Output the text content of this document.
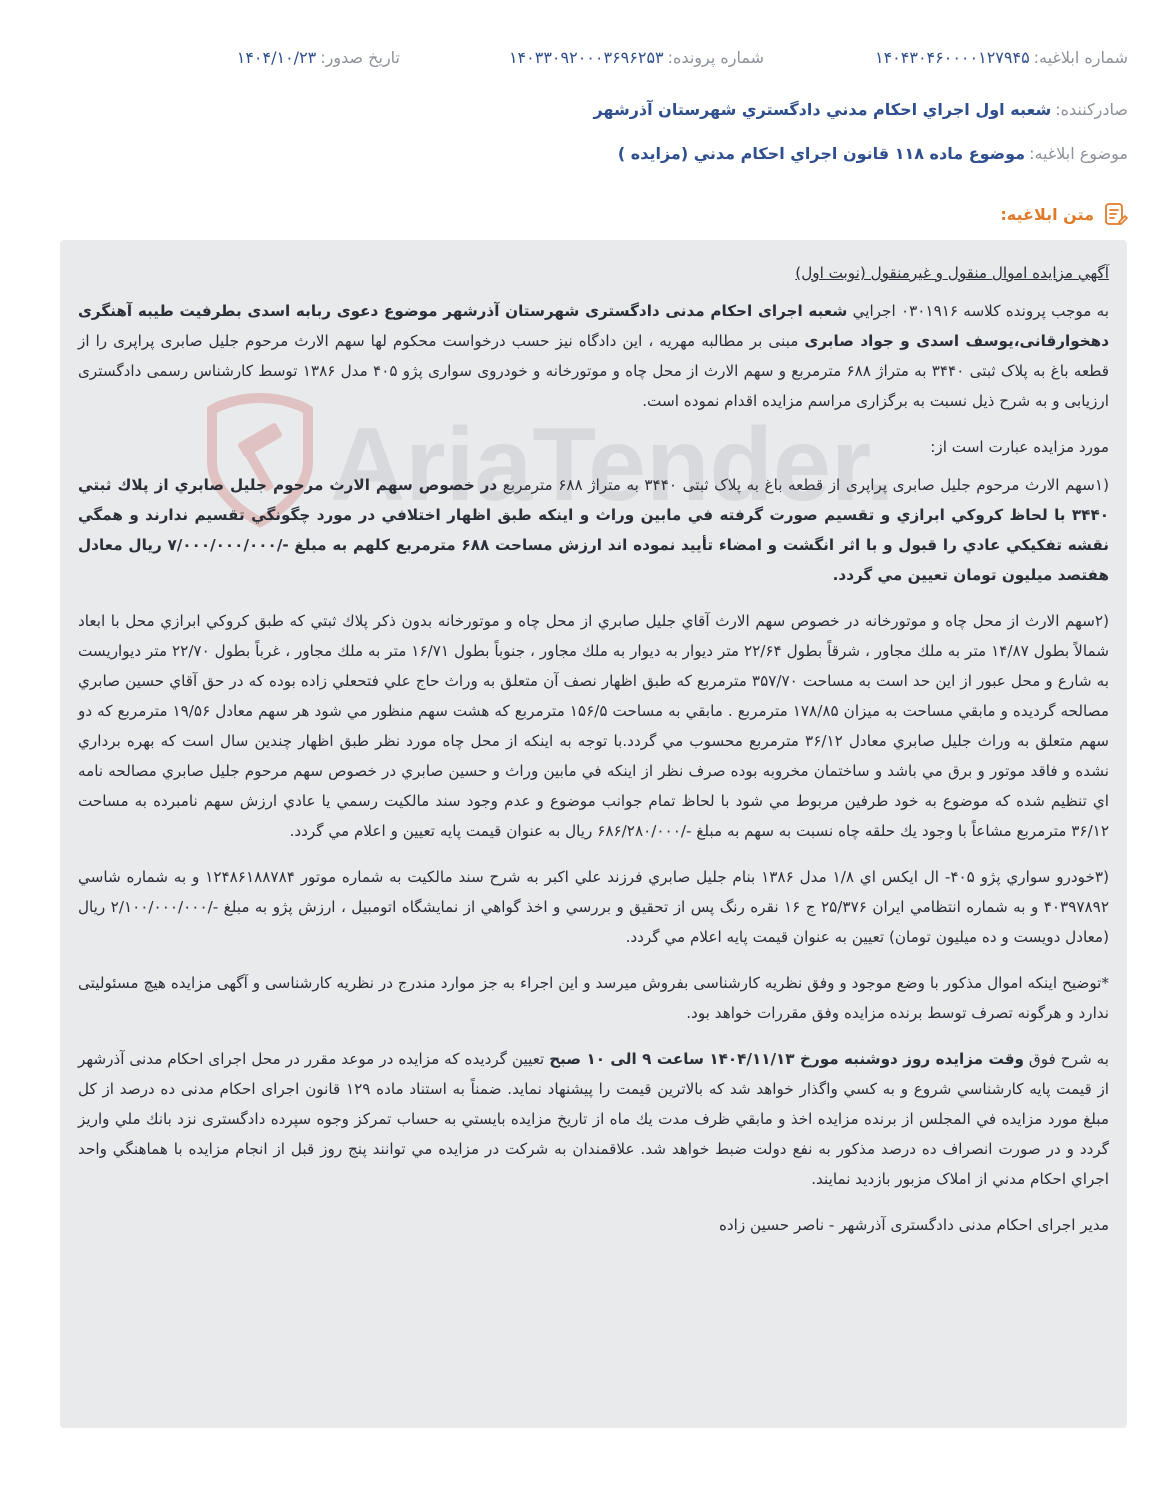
شماره ابلاغيه:
۱۴۰۴۳۰۴۶۰۰۰۰۱۲۷۹۴۵
شماره پرونده:
۱۴۰۳۳۰۹۲۰۰۰۳۶۹۶۲۵۳
تاريخ صدور:
۱۴۰۴/۱۰/۲۳
صادرکننده:
شعبه اول اجراي احکام مدني دادگستري شهرستان آذرشهر
موضوع ابلاغيه:
موضوع ماده ۱۱۸ قانون اجراي احکام مدني (مزايده )
متن ابلاغيه:
AriaTender

آگهي مزايده اموال منقول و غيرمنقول (نوبت اول)

به موجب پرونده کلاسه ۰۳۰۱۹۱۶ اجرايي شعبه اجرای احکام مدنی دادگستری شهرستان آذرشهر موضوع دعوی ربابه اسدی بطرفيت طيبه آهنگری دهخوارقانی،يوسف اسدی و جواد صابری مبنی بر مطالبه مهريه ، اين دادگاه نيز حسب درخواست محکوم لها سهم الارث مرحوم جليل صابری پراپری را از قطعه باغ به پلاک ثبتی ۳۴۴۰ به متراژ ۶۸۸ مترمربع و سهم الارث از محل چاه و موتورخانه و خودروی سواری پژو ۴۰۵ مدل ۱۳۸۶ توسط کارشناس رسمی دادگستری ارزيابی و به شرح ذيل نسبت به برگزاری مراسم مزايده اقدام نموده است.

مورد مزايده عبارت است از:

(۱سهم الارث مرحوم جليل صابری پراپری از قطعه باغ به پلاک ثبتی ۳۴۴۰ به متراژ ۶۸۸ مترمربع در خصوص سهم الارث مرحوم جليل صابري از پلاك ثبتي ۳۴۴۰ با لحاظ كروكي ابرازي و تقسيم صورت گرفته في مابين وراث و اينكه طبق اظهار اختلافي در مورد چگونگي تقسيم ندارند و همگي نقشه تفكيكي عادي را قبول و با اثر انگشت و امضاء تأييد نموده اند ارزش مساحت ۶۸۸ مترمربع كلهم به مبلغ -/۷/۰۰۰/۰۰۰/۰۰۰ ريال معادل هفتصد ميليون تومان تعيين مي گردد.

(۲سهم الارث از محل چاه و موتورخانه در خصوص سهم الارث آقاي جليل صابري از محل چاه و موتورخانه بدون ذكر پلاك ثبتي كه طبق كروكي ابرازي محل با ابعاد شمالاً بطول ۱۴/۸۷ متر به ملك مجاور ، شرقاً بطول ۲۲/۶۴ متر ديوار به ديوار به ملك مجاور ، جنوباً بطول ۱۶/۷۱ متر به ملك مجاور ، غرباً بطول ۲۲/۷۰ متر ديواريست به شارع و محل عبور از اين حد است به مساحت ۳۵۷/۷۰ مترمربع كه طبق اظهار نصف آن متعلق به وراث حاج علي فتحعلي زاده بوده كه در حق آقاي حسين صابري مصالحه گرديده و مابقي مساحت به ميزان ۱۷۸/۸۵ مترمربع . مابقي به مساحت ۱۵۶/۵ مترمربع كه هشت سهم منظور مي شود هر سهم معادل ۱۹/۵۶ مترمربع كه دو سهم متعلق به وراث جليل صابري معادل ۳۶/۱۲ مترمربع محسوب مي گردد.با توجه به اينكه از محل چاه مورد نظر طبق اظهار چندين سال است كه بهره برداري نشده و فاقد موتور و برق مي باشد و ساختمان مخروبه بوده صرف نظر از اينكه في مابين وراث و حسين صابري در خصوص سهم مرحوم جليل صابري مصالحه نامه اي تنظيم شده كه موضوع به خود طرفين مربوط مي شود با لحاظ تمام جوانب موضوع و عدم وجود سند مالكيت رسمي يا عادي ارزش سهم نامبرده به مساحت ۳۶/۱۲ مترمربع مشاعاً با وجود يك حلقه چاه نسبت به سهم به مبلغ -/۶۸۶/۲۸۰/۰۰۰ ريال به عنوان قيمت پايه تعيين و اعلام مي گردد.

(۳خودرو سواري پژو ۴۰۵- ال ايكس اي ۱/۸ مدل ۱۳۸۶ بنام جليل صابري فرزند علي اكبر به شرح سند مالكيت به شماره موتور ۱۲۴۸۶۱۸۸۷۸۴ و به شماره شاسي ۴۰۳۹۷۸۹۲ و به شماره انتظامي ايران ۲۵/۳۷۶ ج ۱۶ نقره رنگ پس از تحقيق و بررسي و اخذ گواهي از نمايشگاه اتومبيل ، ارزش پژو به مبلغ -/۲/۱۰۰/۰۰۰/۰۰۰ ريال (معادل دويست و ده ميليون تومان) تعيين به عنوان قيمت پايه اعلام مي گردد.

*توضيح اينكه اموال مذكور با وضع موجود و وفق نظريه كارشناسی بفروش ميرسد و اين اجراء به جز موارد مندرج در نظريه كارشناسی و آگهی مزايده هيچ مسئوليتی ندارد و هرگونه تصرف توسط برنده مزايده وفق مقررات خواهد بود.

به شرح فوق وقت مزايده روز دوشنبه مورخ ۱۴۰۴/۱۱/۱۳ ساعت ۹ الی ۱۰ صبح تعيين گرديده که مزايده در موعد مقرر در محل اجرای احکام مدنی آذرشهر از قيمت پايه کارشناسي شروع و به کسي واگذار خواهد شد که بالاترين قيمت را پيشنهاد نمايد. ضمناً به استناد ماده ۱۲۹ قانون اجرای احکام مدنی ده درصد از کل مبلغ مورد مزايده في المجلس از برنده مزايده اخذ و مابقي ظرف مدت يك ماه از تاريخ مزايده بايستي به حساب تمرکز وجوه سپرده دادگستری نزد بانك ملي واريز گردد و در صورت انصراف ده درصد مذکور به نفع دولت ضبط خواهد شد. علاقمندان به شرکت در مزايده مي توانند پنج روز قبل از انجام مزايده با هماهنگي واحد اجراي احکام مدني از املاک مزبور بازديد نمايند.

مدير اجرای احکام مدنی دادگستری آذرشهر - ناصر حسين زاده
